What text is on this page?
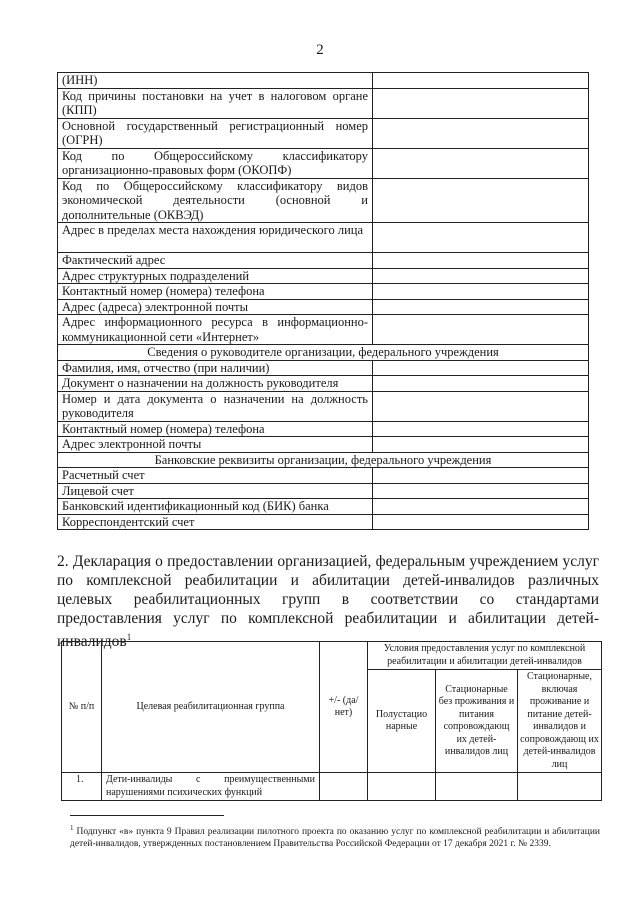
2
(ИНН)	
Код причины постановки на учет в налоговом органе (КПП)	
Основной государственный регистрационный номер (ОГРН)	
Код по Общероссийскому классификатору организационно-правовых форм (ОКОПФ)	
Код по Общероссийскому классификатору видов экономической деятельности (основной и дополнительные (ОКВЭД)	
Адрес в пределах места нахождения юридического лица	
Фактический адрес	
Адрес структурных подразделений	
Контактный номер (номера) телефона	
Адрес (адреса) электронной почты	
Адрес информационного ресурса в информационно-коммуникационной сети «Интернет»	
Сведения о руководителе организации, федерального учреждения	
Фамилия, имя, отчество (при наличии)	
Документ о назначении на должность руководителя	
Номер и дата документа о назначении на должность руководителя	
Контактный номер (номера) телефона	
Адрес электронной почты	
Банковские реквизиты организации, федерального учреждения	
Расчетный счет	
Лицевой счет	
Банковский идентификационный код (БИК) банка	
Корреспондентский счет	

2. Декларация о предоставлении организацией, федеральным учреждением услуг по комплексной реабилитации и абилитации детей-инвалидов различных целевых реабилитационных групп в соответствии со стандартами предоставления услуг по комплексной реабилитации и абилитации детей-инвалидов$^1$

№ п/п	Целевая реабилитационная группа	+/- (да/нет)	Условия предоставления услуг по комплексной реабилитации и абилитации детей-инвалидов		
			Полустацио нарные	Стационарные без проживания и питания сопровождающ их детей-инвалидов лиц	Стационарные, включая проживание и питание детей-инвалидов и сопровождающ их детей-инвалидов лиц
1.	Дети-инвалиды с преимущественными нарушениями психических функций				

$^1$ Подпункт «в» пункта 9 Правил реализации пилотного проекта по оказанию услуг по комплексной реабилитации и абилитации детей-инвалидов, утвержденных постановлением Правительства Российской Федерации от 17 декабря 2021 г. № 2339.
